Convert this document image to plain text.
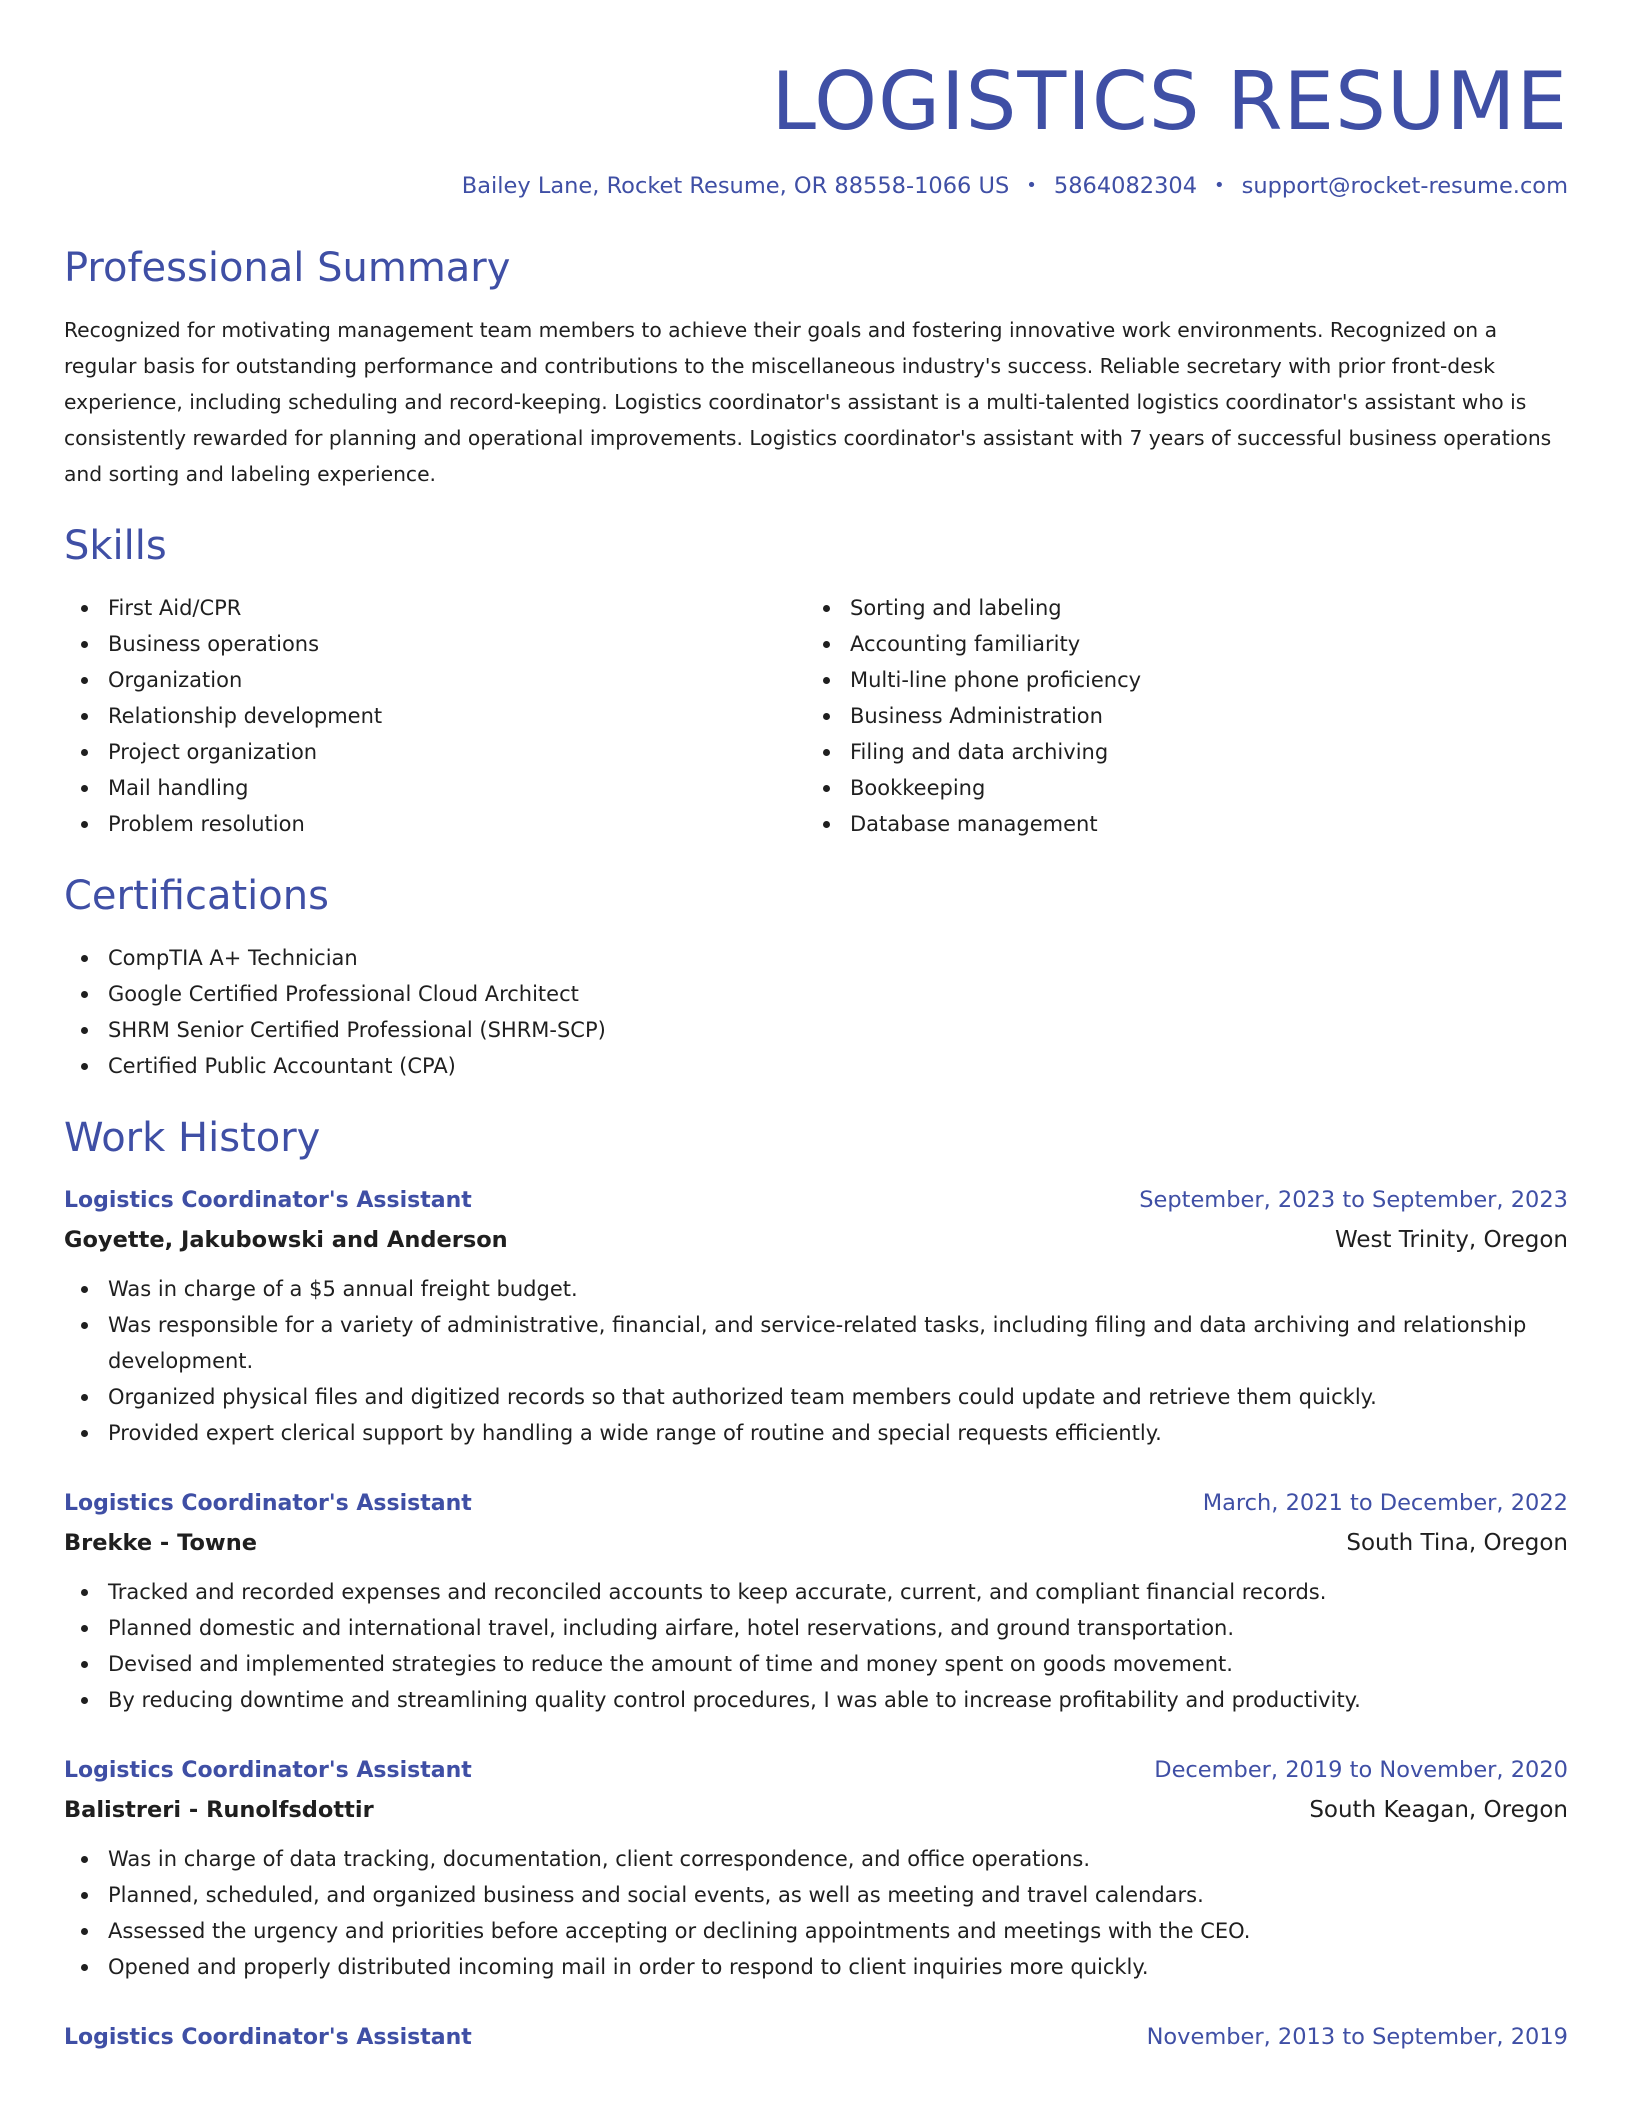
LOGISTICS RESUME
Bailey Lane, Rocket Resume, OR 88558-1066 US • 5864082304 • support@rocket-resume.com
Professional Summary

Recognized for motivating management team members to achieve their goals and fostering innovative work environments. Recognized on a regular basis for outstanding performance and contributions to the miscellaneous industry's success. Reliable secretary with prior front-desk experience, including scheduling and record-keeping. Logistics coordinator's assistant is a multi-talented logistics coordinator's assistant who is consistently rewarded for planning and operational improvements. Logistics coordinator's assistant with 7 years of successful business operations and sorting and labeling experience.

Skills
First Aid/CPR
Business operations
Organization
Relationship development
Project organization
Mail handling
Problem resolution
Sorting and labeling
Accounting familiarity
Multi-line phone proficiency
Business Administration
Filing and data archiving
Bookkeeping
Database management
Certifications
CompTIA A+ Technician
Google Certified Professional Cloud Architect
SHRM Senior Certified Professional (SHRM-SCP)
Certified Public Accountant (CPA)
Work History
Logistics Coordinator's Assistant	September, 2023 to September, 2023
Goyette, Jakubowski and Anderson	West Trinity, Oregon
Was in charge of a $5 annual freight budget.
Was responsible for a variety of administrative, financial, and service-related tasks, including filing and data archiving and relationship development.
Organized physical files and digitized records so that authorized team members could update and retrieve them quickly.
Provided expert clerical support by handling a wide range of routine and special requests efficiently.
Logistics Coordinator's Assistant	March, 2021 to December, 2022
Brekke - Towne	South Tina, Oregon
Tracked and recorded expenses and reconciled accounts to keep accurate, current, and compliant financial records.
Planned domestic and international travel, including airfare, hotel reservations, and ground transportation.
Devised and implemented strategies to reduce the amount of time and money spent on goods movement.
By reducing downtime and streamlining quality control procedures, I was able to increase profitability and productivity.
Logistics Coordinator's Assistant	December, 2019 to November, 2020
Balistreri - Runolfsdottir	South Keagan, Oregon
Was in charge of data tracking, documentation, client correspondence, and office operations.
Planned, scheduled, and organized business and social events, as well as meeting and travel calendars.
Assessed the urgency and priorities before accepting or declining appointments and meetings with the CEO.
Opened and properly distributed incoming mail in order to respond to client inquiries more quickly.
Logistics Coordinator's Assistant	November, 2013 to September, 2019
